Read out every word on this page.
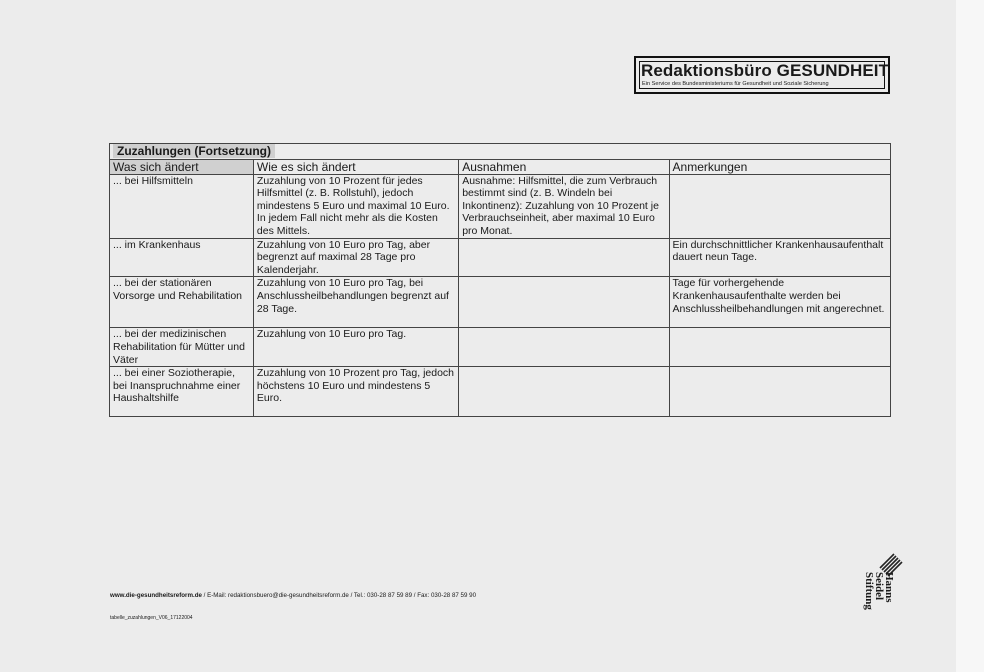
Redaktionsbüro GESUNDHEIT
Ein Service des Bundesministeriums für Gesundheit und Soziale Sicherung
Zuzahlungen (Fortsetzung)			
Was sich ändert	Wie es sich ändert	Ausnahmen	Anmerkungen
... bei Hilfsmitteln	Zuzahlung von 10 Prozent für jedes Hilfsmittel (z. B. Rollstuhl), jedoch mindestens 5 Euro und maximal 10 Euro. In jedem Fall nicht mehr als die Kosten des Mittels.	Ausnahme: Hilfsmittel, die zum Verbrauch bestimmt sind (z. B. Windeln bei Inkontinenz): Zuzahlung von 10 Prozent je Verbrauchseinheit, aber maximal 10 Euro pro Monat.	
... im Krankenhaus	Zuzahlung von 10 Euro pro Tag, aber begrenzt auf maximal 28 Tage pro Kalenderjahr.		Ein durchschnittlicher Krankenhausaufenthalt dauert neun Tage.
... bei der stationären Vorsorge und Rehabilitation	Zuzahlung von 10 Euro pro Tag, bei Anschlussheilbehandlungen begrenzt auf 28 Tage.		Tage für vorhergehende Krankenhausaufenthalte werden bei Anschlussheilbehandlungen mit angerechnet.
... bei der medizinischen Rehabilitation für Mütter und Väter	Zuzahlung von 10 Euro pro Tag.		
... bei einer Soziotherapie, bei Inanspruchnahme einer Haushaltshilfe	Zuzahlung von 10 Prozent pro Tag, jedoch höchstens 10 Euro und mindestens 5 Euro.		
www.die-gesundheitsreform.de / E-Mail: redaktionsbuero@die-gesundheitsreform.de / Tel.: 030-28 87 59 89 / Fax: 030-28 87 59 90
tabelle_zuzahlungen_V06_17122004
Hanns
Seidel
Stiftung
